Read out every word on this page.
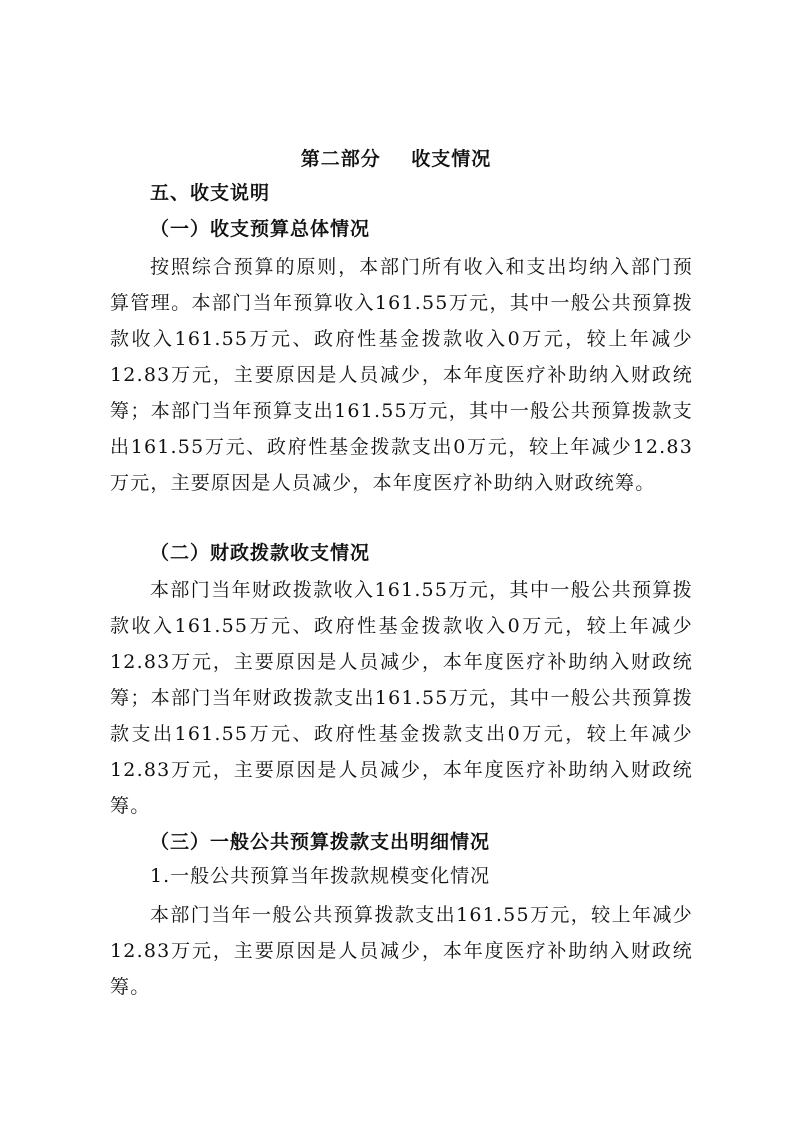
第二部分    收支情况
五、收支说明
（一）收支预算总体情况

按照综合预算的原则，本部门所有收入和支出均纳入部门预算管理。本部门当年预算收入161.55万元，其中一般公共预算拨款收入161.55万元、政府性基金拨款收入0万元，较上年减少12.83万元，主要原因是人员减少，本年度医疗补助纳入财政统筹；本部门当年预算支出161.55万元，其中一般公共预算拨款支出161.55万元、政府性基金拨款支出0万元，较上年减少12.83万元，主要原因是人员减少，本年度医疗补助纳入财政统筹。

（二）财政拨款收支情况

本部门当年财政拨款收入161.55万元，其中一般公共预算拨款收入161.55万元、政府性基金拨款收入0万元，较上年减少12.83万元，主要原因是人员减少，本年度医疗补助纳入财政统筹；本部门当年财政拨款支出161.55万元，其中一般公共预算拨款支出161.55万元、政府性基金拨款支出0万元，较上年减少12.83万元，主要原因是人员减少，本年度医疗补助纳入财政统筹。

（三）一般公共预算拨款支出明细情况
1.一般公共预算当年拨款规模变化情况

本部门当年一般公共预算拨款支出161.55万元，较上年减少12.83万元，主要原因是人员减少，本年度医疗补助纳入财政统筹。
